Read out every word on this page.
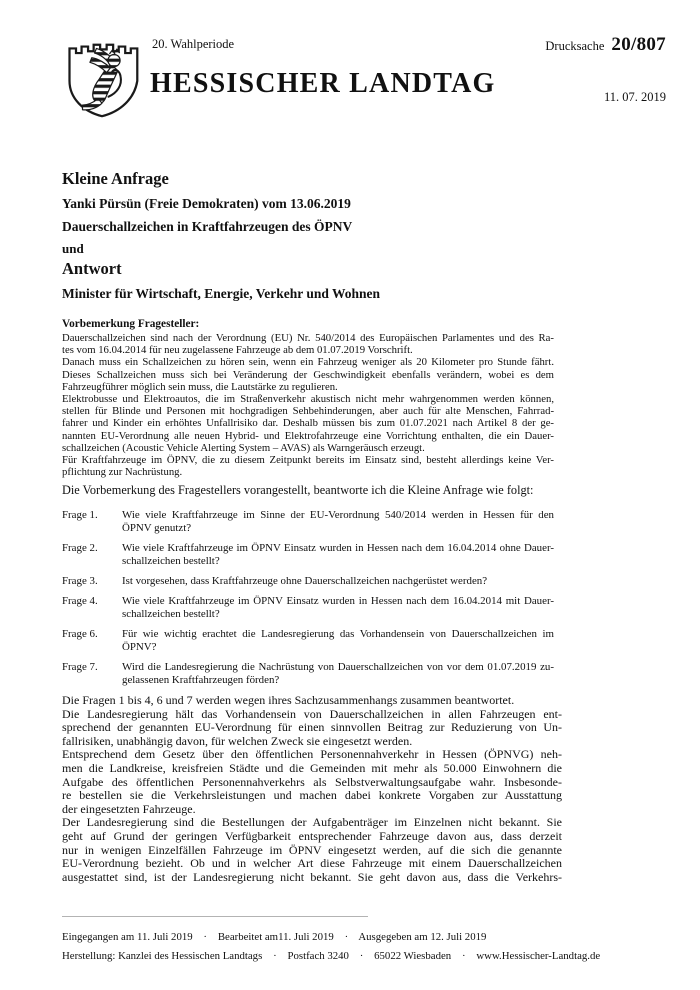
20. Wahlperiode	Drucksache 20/807
HESSISCHER LANDTAG	11. 07. 2019
Kleine Anfrage
Yanki Pürsün (Freie Demokraten) vom 13.06.2019
Dauerschallzeichen in Kraftfahrzeugen des ÖPNV
und
Antwort
Minister für Wirtschaft, Energie, Verkehr und Wohnen
Vorbemerkung Fragesteller:
Dauerschallzeichen sind nach der Verordnung (EU) Nr. 540/2014 des Europäischen Parlamentes und des Ra-
tes vom 16.04.2014 für neu zugelassene Fahrzeuge ab dem 01.07.2019 Vorschrift.
Danach muss ein Schallzeichen zu hören sein, wenn ein Fahrzeug weniger als 20 Kilometer pro Stunde fährt.
Dieses Schallzeichen muss sich bei Veränderung der Geschwindigkeit ebenfalls verändern, wobei es dem
Fahrzeugführer möglich sein muss, die Lautstärke zu regulieren.
Elektrobusse und Elektroautos, die im Straßenverkehr akustisch nicht mehr wahrgenommen werden können,
stellen für Blinde und Personen mit hochgradigen Sehbehinderungen, aber auch für alte Menschen, Fahrrad-
fahrer und Kinder ein erhöhtes Unfallrisiko dar. Deshalb müssen bis zum 01.07.2021 nach Artikel 8 der ge-
nannten EU-Verordnung alle neuen Hybrid- und Elektrofahrzeuge eine Vorrichtung enthalten, die ein Dauer-
schallzeichen (Acoustic Vehicle Alerting System – AVAS) als Warngeräusch erzeugt.
Für Kraftfahrzeuge im ÖPNV, die zu diesem Zeitpunkt bereits im Einsatz sind, besteht allerdings keine Ver-
pflichtung zur Nachrüstung.
Die Vorbemerkung des Fragestellers vorangestellt, beantworte ich die Kleine Anfrage wie folgt:
Frage 1.	Wie viele Kraftfahrzeuge im Sinne der EU-Verordnung 540/2014 werden in Hessen für den
ÖPNV genutzt?
Frage 2.	Wie viele Kraftfahrzeuge im ÖPNV Einsatz wurden in Hessen nach dem 16.04.2014 ohne Dauer-
schallzeichen bestellt?
Frage 3.	Ist vorgesehen, dass Kraftfahrzeuge ohne Dauerschallzeichen nachgerüstet werden?
Frage 4.	Wie viele Kraftfahrzeuge im ÖPNV Einsatz wurden in Hessen nach dem 16.04.2014 mit Dauer-
schallzeichen bestellt?
Frage 6.	Für wie wichtig erachtet die Landesregierung das Vorhandensein von Dauerschallzeichen im
ÖPNV?
Frage 7.	Wird die Landesregierung die Nachrüstung von Dauerschallzeichen von vor dem 01.07.2019 zu-
gelassenen Kraftfahrzeugen förden?
Die Fragen 1 bis 4, 6 und 7 werden wegen ihres Sachzusammenhangs zusammen beantwortet.
Die Landesregierung hält das Vorhandensein von Dauerschallzeichen in allen Fahrzeugen ent-
sprechend der genannten EU-Verordnung für einen sinnvollen Beitrag zur Reduzierung von Un-
fallrisiken, unabhängig davon, für welchen Zweck sie eingesetzt werden.
Entsprechend dem Gesetz über den öffentlichen Personennahverkehr in Hessen (ÖPNVG) neh-
men die Landkreise, kreisfreien Städte und die Gemeinden mit mehr als 50.000 Einwohnern die
Aufgabe des öffentlichen Personennahverkehrs als Selbstverwaltungsaufgabe wahr. Insbesonde-
re bestellen sie die Verkehrsleistungen und machen dabei konkrete Vorgaben zur Ausstattung
der eingesetzten Fahrzeuge.
Der Landesregierung sind die Bestellungen der Aufgabenträger im Einzelnen nicht bekannt. Sie
geht auf Grund der geringen Verfügbarkeit entsprechender Fahrzeuge davon aus, dass derzeit
nur in wenigen Einzelfällen Fahrzeuge im ÖPNV eingesetzt werden, auf die sich die genannte
EU-Verordnung bezieht. Ob und in welcher Art diese Fahrzeuge mit einem Dauerschallzeichen
ausgestattet sind, ist der Landesregierung nicht bekannt. Sie geht davon aus, dass die Verkehrs-
Eingegangen am 11. Juli 2019    ·    Bearbeitet am11. Juli 2019    ·    Ausgegeben am 12. Juli 2019
Herstellung: Kanzlei des Hessischen Landtags    ·    Postfach 3240    ·    65022 Wiesbaden    ·    www.Hessischer-Landtag.de
